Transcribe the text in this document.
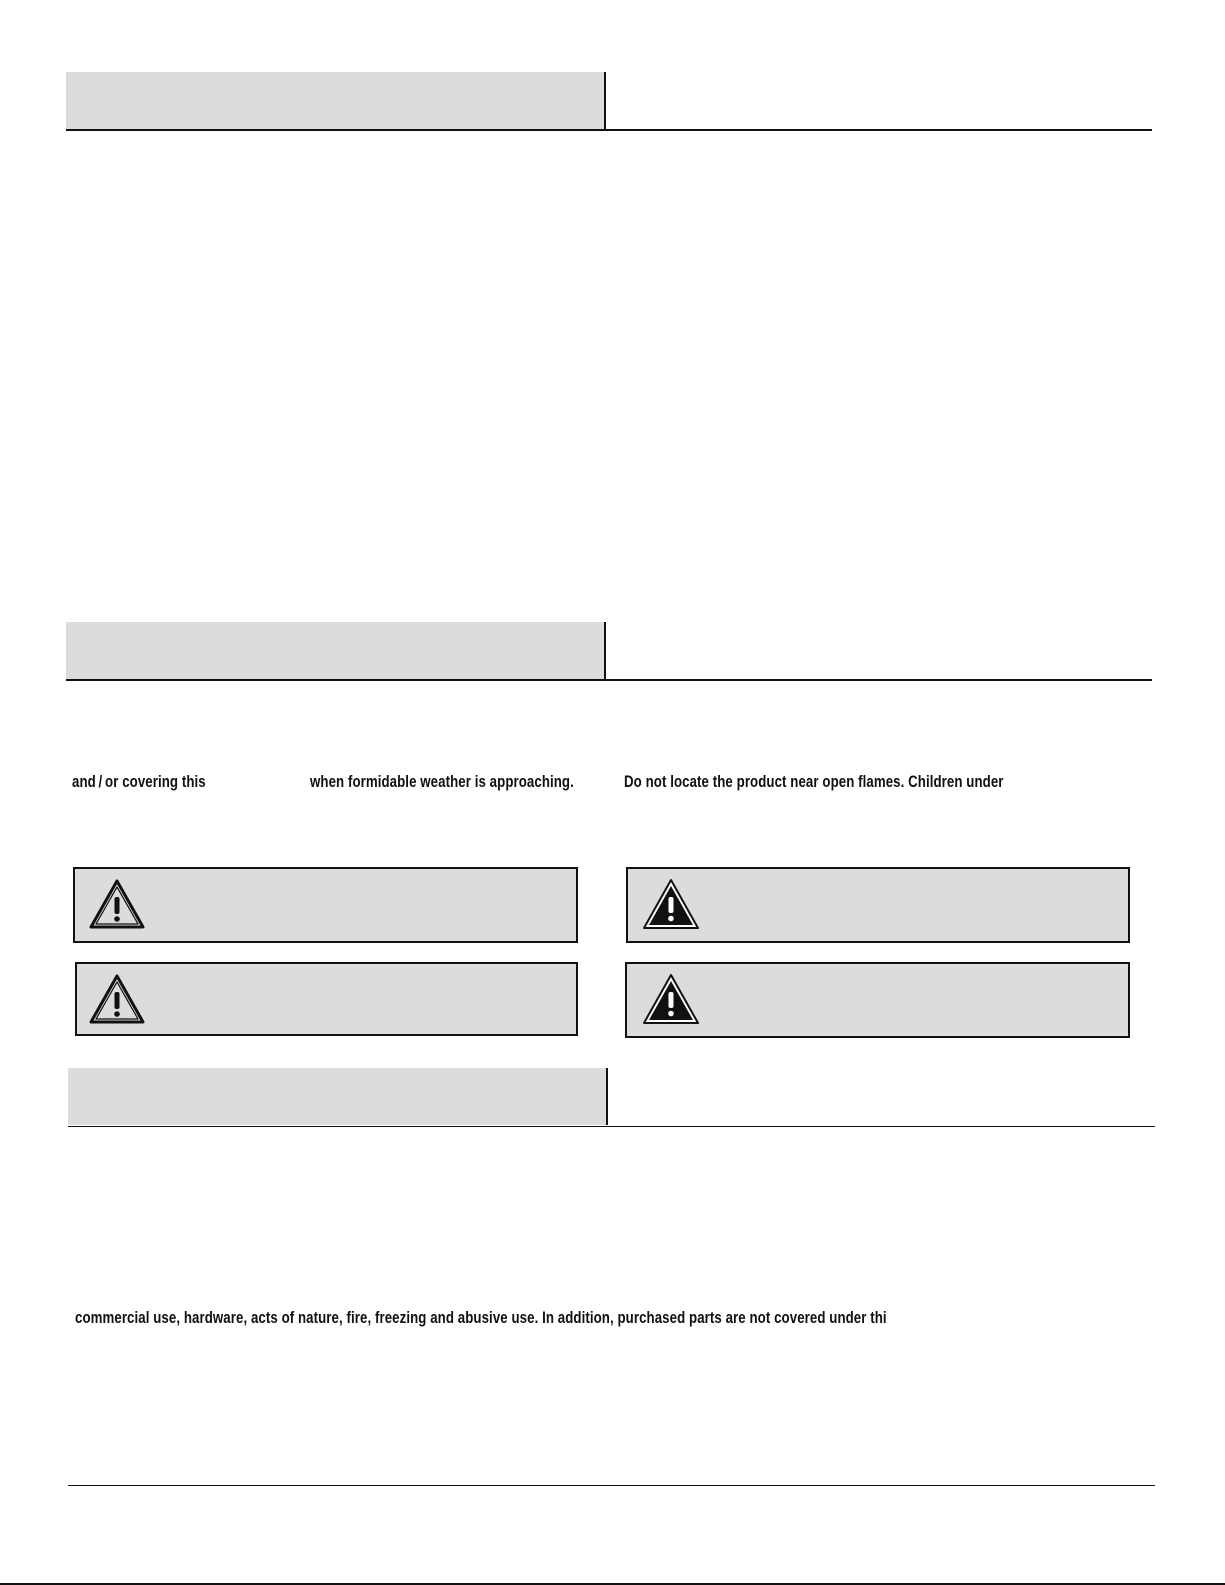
and / or covering this	when formidable weather is approaching.	Do not locate the product near open flames. Children under
commercial use, hardware, acts of nature, fire, freezing and abusive use. In addition, purchased parts are not covered under thi
